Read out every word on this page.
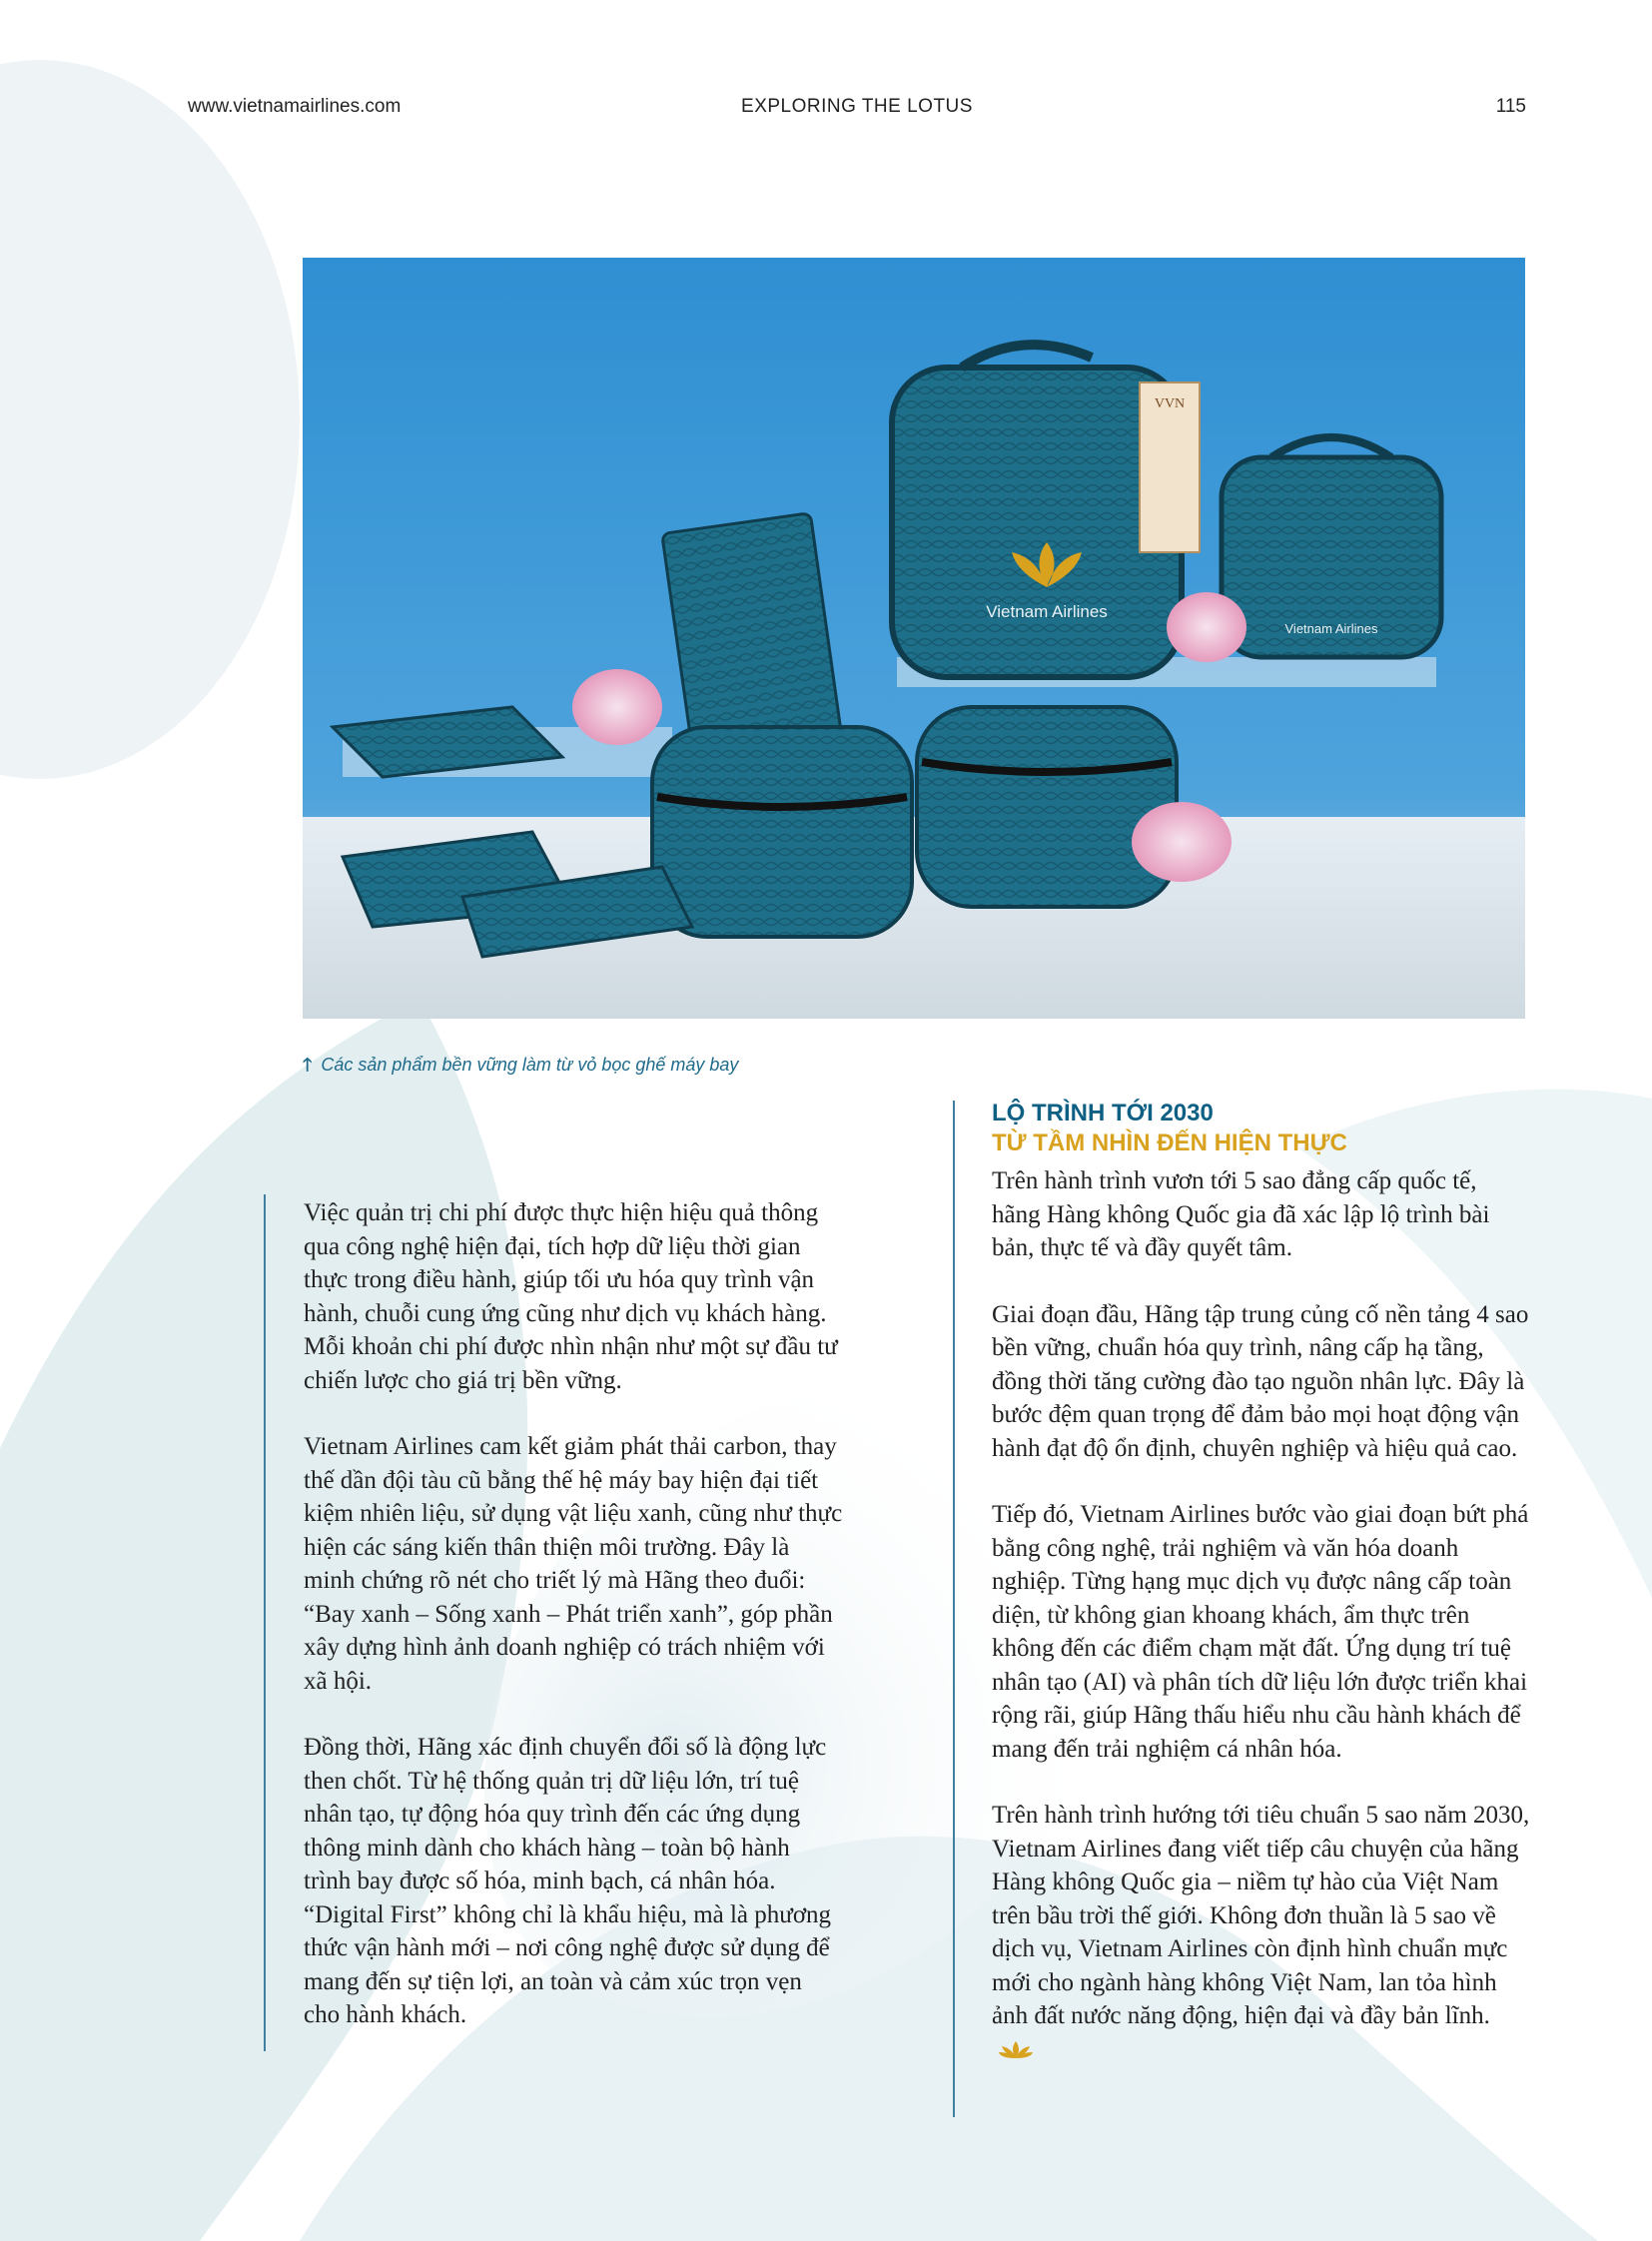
www.vietnamairlines.com	EXPLORING THE LOTUS	115
Vietnam Airlines
VVN
Vietnam Airlines
🡑 Các sản phẩm bền vững làm từ vỏ bọc ghế máy bay

Việc quản trị chi phí được thực hiện hiệu quả thông qua công nghệ hiện đại, tích hợp dữ liệu thời gian thực trong điều hành, giúp tối ưu hóa quy trình vận hành, chuỗi cung ứng cũng như dịch vụ khách hàng. Mỗi khoản chi phí được nhìn nhận như một sự đầu tư chiến lược cho giá trị bền vững.

Vietnam Airlines cam kết giảm phát thải carbon, thay thế dần đội tàu cũ bằng thế hệ máy bay hiện đại tiết kiệm nhiên liệu, sử dụng vật liệu xanh, cũng như thực hiện các sáng kiến thân thiện môi trường. Đây là minh chứng rõ nét cho triết lý mà Hãng theo đuổi: “Bay xanh – Sống xanh – Phát triển xanh”, góp phần xây dựng hình ảnh doanh nghiệp có trách nhiệm với xã hội.

Đồng thời, Hãng xác định chuyển đổi số là động lực then chốt. Từ hệ thống quản trị dữ liệu lớn, trí tuệ nhân tạo, tự động hóa quy trình đến các ứng dụng thông minh dành cho khách hàng – toàn bộ hành trình bay được số hóa, minh bạch, cá nhân hóa. “Digital First” không chỉ là khẩu hiệu, mà là phương thức vận hành mới – nơi công nghệ được sử dụng để mang đến sự tiện lợi, an toàn và cảm xúc trọn vẹn cho hành khách.

LỘ TRÌNH TỚI 2030
TỪ TẦM NHÌN ĐẾN HIỆN THỰC

Trên hành trình vươn tới 5 sao đẳng cấp quốc tế, hãng Hàng không Quốc gia đã xác lập lộ trình bài bản, thực tế và đầy quyết tâm.

Giai đoạn đầu, Hãng tập trung củng cố nền tảng 4 sao bền vững, chuẩn hóa quy trình, nâng cấp hạ tầng, đồng thời tăng cường đào tạo nguồn nhân lực. Đây là bước đệm quan trọng để đảm bảo mọi hoạt động vận hành đạt độ ổn định, chuyên nghiệp và hiệu quả cao.

Tiếp đó, Vietnam Airlines bước vào giai đoạn bứt phá bằng công nghệ, trải nghiệm và văn hóa doanh nghiệp. Từng hạng mục dịch vụ được nâng cấp toàn diện, từ không gian khoang khách, ẩm thực trên không đến các điểm chạm mặt đất. Ứng dụng trí tuệ nhân tạo (AI) và phân tích dữ liệu lớn được triển khai rộng rãi, giúp Hãng thấu hiểu nhu cầu hành khách để mang đến trải nghiệm cá nhân hóa.

Trên hành trình hướng tới tiêu chuẩn 5 sao năm 2030, Vietnam Airlines đang viết tiếp câu chuyện của hãng Hàng không Quốc gia – niềm tự hào của Việt Nam trên bầu trời thế giới. Không đơn thuần là 5 sao về dịch vụ, Vietnam Airlines còn định hình chuẩn mực mới cho ngành hàng không Việt Nam, lan tỏa hình ảnh đất nước năng động, hiện đại và đầy bản lĩnh.
